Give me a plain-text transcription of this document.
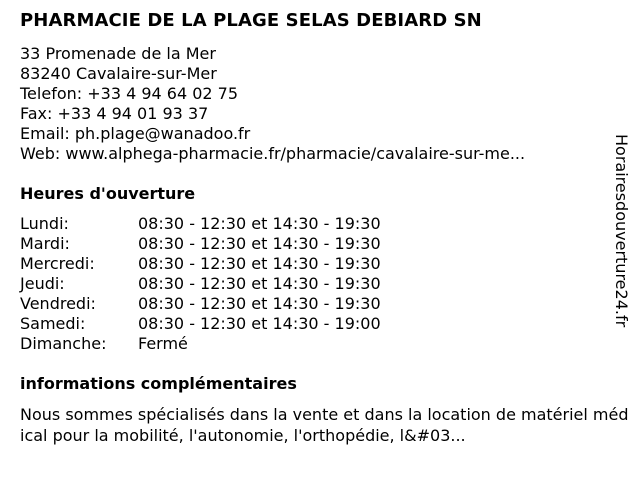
PHARMACIE DE LA PLAGE SELAS DEBIARD SN
33 Promenade de la Mer
83240 Cavalaire-sur-Mer
Telefon: +33 4 94 64 02 75
Fax: +33 4 94 01 93 37
Email: ph.plage@wanadoo.fr
Web: www.alphega-pharmacie.fr/pharmacie/cavalaire-sur-me...
Heures d'ouverture
Lundi:	08:30 - 12:30 et 14:30 - 19:30
Mardi:	08:30 - 12:30 et 14:30 - 19:30
Mercredi:	08:30 - 12:30 et 14:30 - 19:30
Jeudi:	08:30 - 12:30 et 14:30 - 19:30
Vendredi:	08:30 - 12:30 et 14:30 - 19:30
Samedi:	08:30 - 12:30 et 14:30 - 19:00
Dimanche: Fermé
informations complémentaires
Nous sommes spécialisés dans la vente et dans la location de matériel médical pour la mobilité, l'autonomie, l'orthopédie, l&#03...
Horairesdouverture24.fr
